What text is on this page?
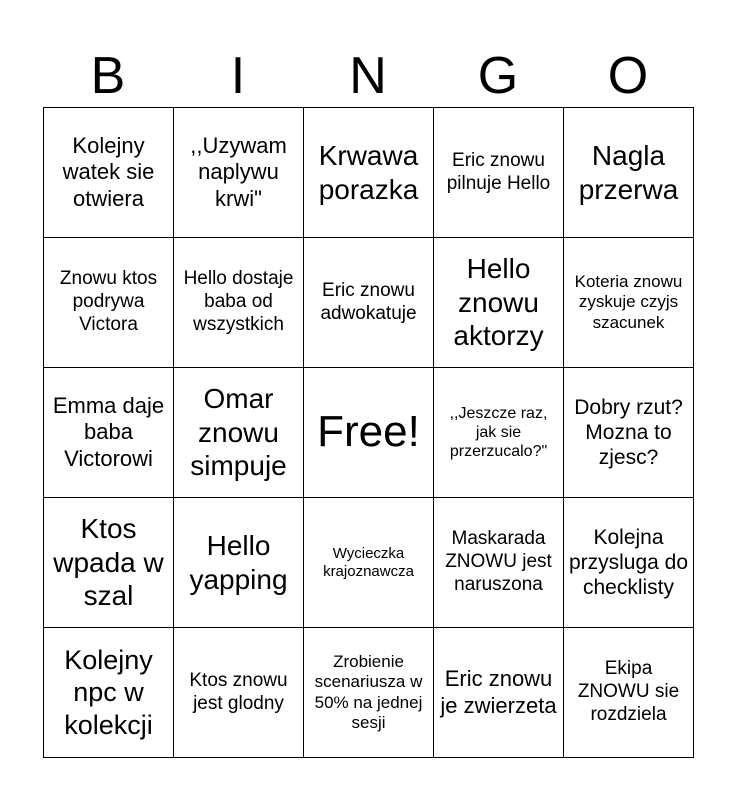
B	I	N	G	O
Kolejny watek sie otwiera	,,Uzywam naplywu krwi"	Krwawa porazka	Eric znowu pilnuje Hello	Nagla przerwa
Znowu ktos podrywa Victora	Hello dostaje baba od wszystkich	Eric znowu adwokatuje	Hello znowu aktorzy	Koteria znowu zyskuje czyjs szacunek
Emma daje baba Victorowi	Omar znowu simpuje	Free!	,,Jeszcze raz, jak sie przerzucalo?"	Dobry rzut? Mozna to zjesc?
Ktos wpada w szal	Hello yapping	Wycieczka krajoznawcza	Maskarada ZNOWU jest naruszona	Kolejna przysluga do checklisty
Kolejny npc w kolekcji	Ktos znowu jest glodny	Zrobienie scenariusza w 50% na jednej sesji	Eric znowu je zwierzeta	Ekipa ZNOWU sie rozdziela
